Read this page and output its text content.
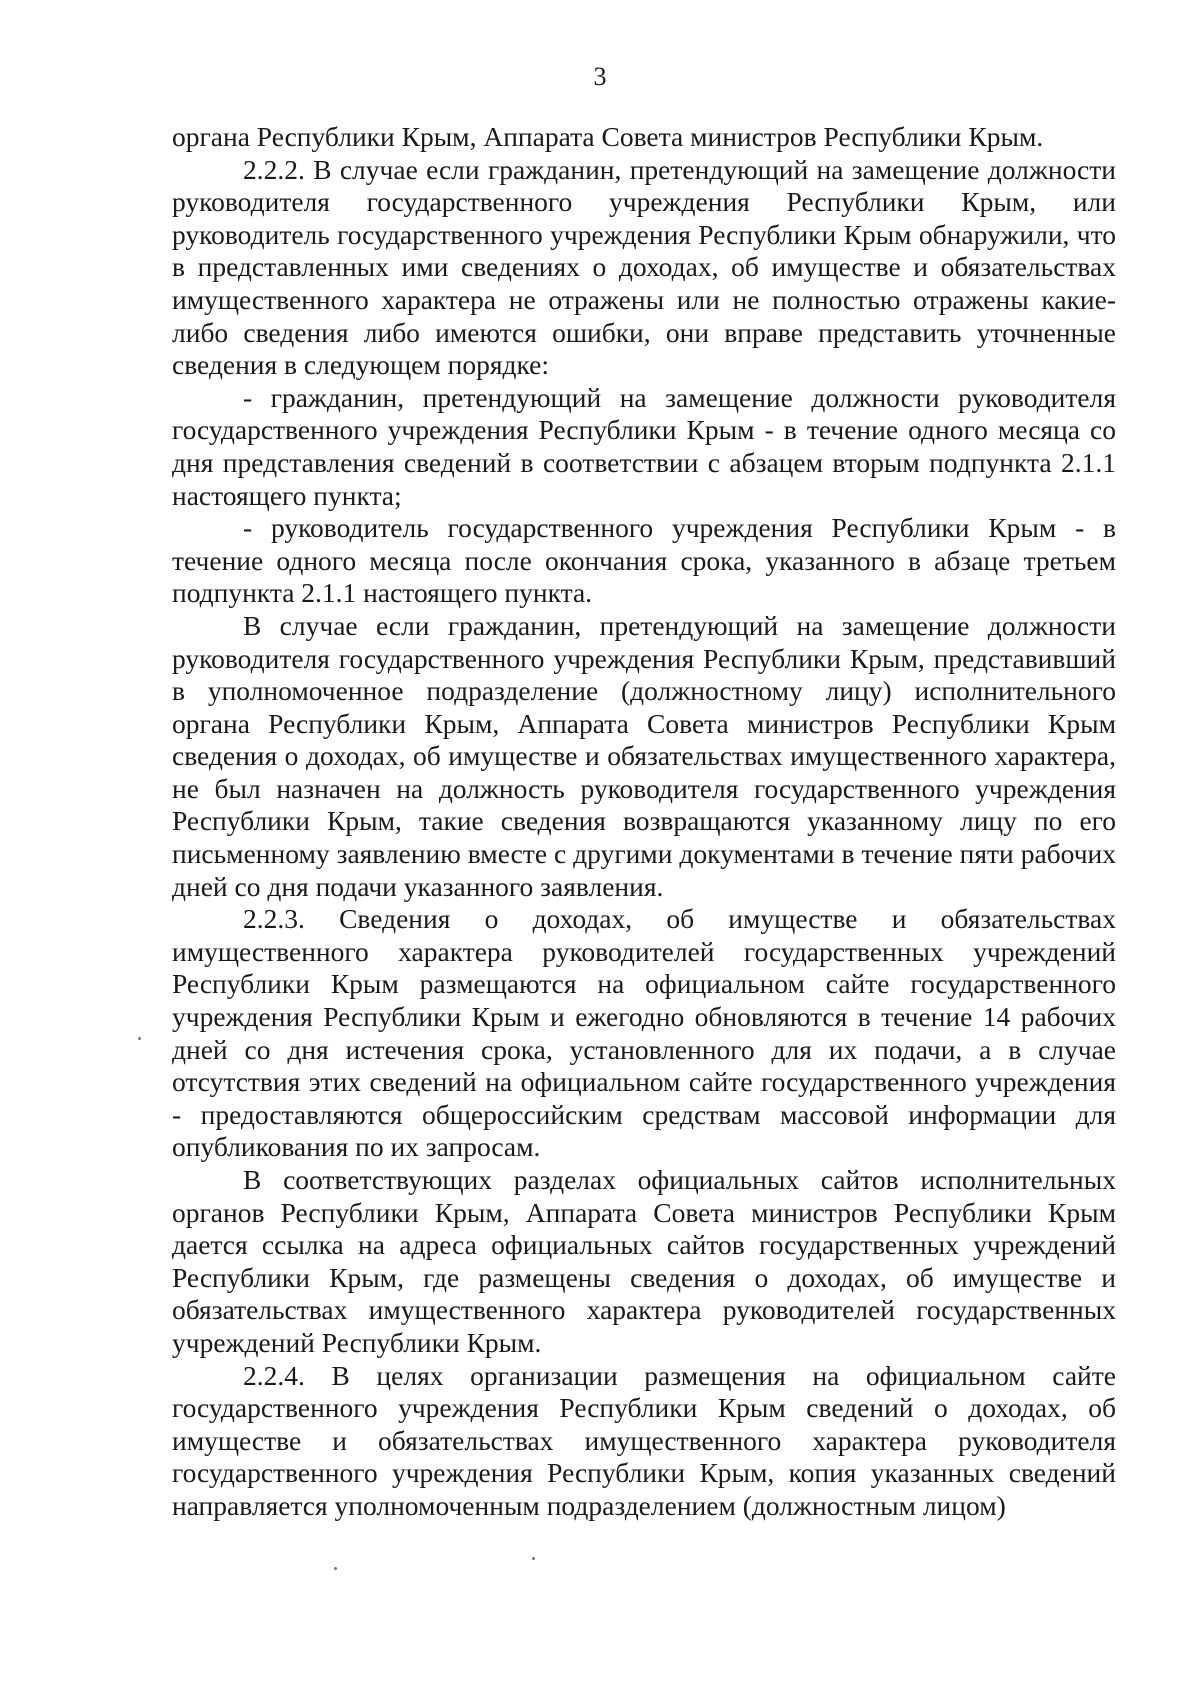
3

органа Республики Крым, Аппарата Совета министров Республики Крым.

2.2.2. В случае если гражданин, претендующий на замещение должности руководителя государственного учреждения Республики Крым, или руководитель государственного учреждения Республики Крым обнаружили, что в представленных ими сведениях о доходах, об имуществе и обязательствах имущественного характера не отражены или не полностью отражены какие-либо сведения либо имеются ошибки, они вправе представить уточненные сведения в следующем порядке:

- гражданин, претендующий на замещение должности руководителя государственного учреждения Республики Крым - в течение одного месяца со дня представления сведений в соответствии с абзацем вторым подпункта 2.1.1 настоящего пункта;

- руководитель государственного учреждения Республики Крым - в течение одного месяца после окончания срока, указанного в абзаце третьем подпункта 2.1.1 настоящего пункта.

В случае если гражданин, претендующий на замещение должности руководителя государственного учреждения Республики Крым, представивший в уполномоченное подразделение (должностному лицу) исполнительного органа Республики Крым, Аппарата Совета министров Республики Крым сведения о доходах, об имуществе и обязательствах имущественного характера, не был назначен на должность руководителя государственного учреждения Республики Крым, такие сведения возвращаются указанному лицу по его письменному заявлению вместе с другими документами в течение пяти рабочих дней со дня подачи указанного заявления.

2.2.3. Сведения о доходах, об имуществе и обязательствах имущественного характера руководителей государственных учреждений Республики Крым размещаются на официальном сайте государственного учреждения Республики Крым и ежегодно обновляются в течение 14 рабочих дней со дня истечения срока, установленного для их подачи, а в случае отсутствия этих сведений на официальном сайте государственного учреждения - предоставляются общероссийским средствам массовой информации для опубликования по их запросам.

В соответствующих разделах официальных сайтов исполнительных органов Республики Крым, Аппарата Совета министров Республики Крым дается ссылка на адреса официальных сайтов государственных учреждений Республики Крым, где размещены сведения о доходах, об имуществе и обязательствах имущественного характера руководителей государственных учреждений Республики Крым.

2.2.4. В целях организации размещения на официальном сайте государственного учреждения Республики Крым сведений о доходах, об имуществе и обязательствах имущественного характера руководителя государственного учреждения Республики Крым, копия указанных сведений направляется уполномоченным подразделением (должностным лицом)
